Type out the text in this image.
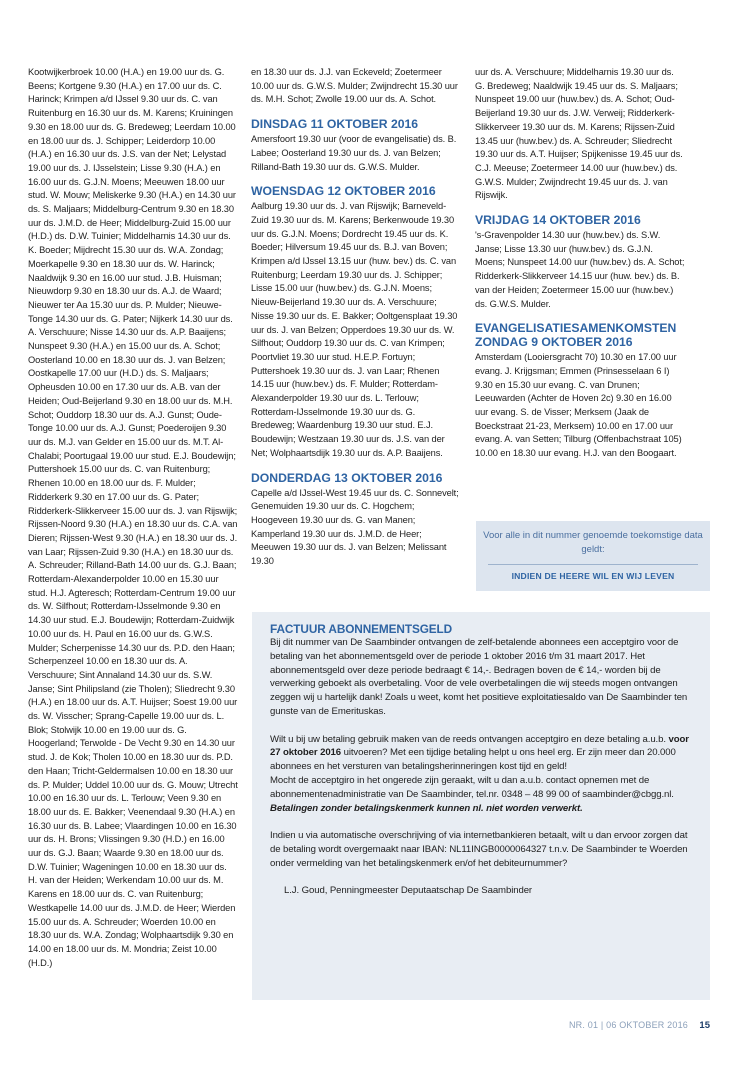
Kootwijkerbroek 10.00 (H.A.) en 19.00 uur ds. G. Beens; Kortgene 9.30 (H.A.) en 17.00 uur ds. C. Harinck; Krimpen a/d IJssel 9.30 uur ds. C. van Ruitenburg en 16.30 uur ds. M. Karens; Kruiningen 9.30 en 18.00 uur ds. G. Bredeweg; Leerdam 10.00 en 18.00 uur ds. J. Schipper; Leiderdorp 10.00 (H.A.) en 16.30 uur ds. J.S. van der Net; Lelystad 19.00 uur ds. J. IJsselstein; Lisse 9.30 (H.A.) en 16.00 uur ds. G.J.N. Moens; Meeuwen 18.00 uur stud. W. Mouw; Meliskerke 9.30 (H.A.) en 14.30 uur ds. S. Maljaars; Middelburg-Centrum 9.30 en 18.30 uur ds. J.M.D. de Heer; Middelburg-Zuid 15.00 uur (H.D.) ds. D.W. Tuinier; Middelharnis 14.30 uur ds. K. Boeder; Mijdrecht 15.30 uur ds. W.A. Zondag; Moerkapelle 9.30 en 18.30 uur ds. W. Harinck; Naaldwijk 9.30 en 16.00 uur stud. J.B. Huisman; Nieuwdorp 9.30 en 18.30 uur ds. A.J. de Waard; Nieuwer ter Aa 15.30 uur ds. P. Mulder; Nieuwe-Tonge 14.30 uur ds. G. Pater; Nijkerk 14.30 uur ds. A. Verschuure; Nisse 14.30 uur ds. A.P. Baaijens; Nunspeet 9.30 (H.A.) en 15.00 uur ds. A. Schot; Oosterland 10.00 en 18.30 uur ds. J. van Belzen; Oostkapelle 17.00 uur (H.D.) ds. S. Maljaars; Opheusden 10.00 en 17.30 uur ds. A.B. van der Heiden; Oud-Beijerland 9.30 en 18.00 uur ds. M.H. Schot; Ouddorp 18.30 uur ds. A.J. Gunst; Oude-Tonge 10.00 uur ds. A.J. Gunst; Poederoijen 9.30 uur ds. M.J. van Gelder en 15.00 uur ds. M.T. Al-Chalabi; Poortugaal 19.00 uur stud. E.J. Boudewijn; Puttershoek 15.00 uur ds. C. van Ruitenburg; Rhenen 10.00 en 18.00 uur ds. F. Mulder; Ridderkerk 9.30 en 17.00 uur ds. G. Pater; Ridderkerk-Slikkerveer 15.00 uur ds. J. van Rijswijk; Rijssen-Noord 9.30 (H.A.) en 18.30 uur ds. C.A. van Dieren; Rijssen-West 9.30 (H.A.) en 18.30 uur ds. J. van Laar; Rijssen-Zuid 9.30 (H.A.) en 18.30 uur ds. A. Schreuder; Rilland-Bath 14.00 uur ds. G.J. Baan; Rotterdam-Alexanderpolder 10.00 en 15.30 uur stud. H.J. Agteresch; Rotterdam-Centrum 19.00 uur ds. W. Silfhout; Rotterdam-IJsselmonde 9.30 en 14.30 uur stud. E.J. Boudewijn; Rotterdam-Zuidwijk 10.00 uur ds. H. Paul en 16.00 uur ds. G.W.S. Mulder; Scherpenisse 14.30 uur ds. P.D. den Haan; Scherpenzeel 10.00 en 18.30 uur ds. A. Verschuure; Sint Annaland 14.30 uur ds. S.W. Janse; Sint Philipsland (zie Tholen); Sliedrecht 9.30 (H.A.) en 18.00 uur ds. A.T. Huijser; Soest 19.00 uur ds. W. Visscher; Sprang-Capelle 19.00 uur ds. L. Blok; Stolwijk 10.00 en 19.00 uur ds. G. Hoogerland; Terwolde - De Vecht 9.30 en 14.30 uur stud. J. de Kok; Tholen 10.00 en 18.30 uur ds. P.D. den Haan; Tricht-Geldermalsen 10.00 en 18.30 uur ds. P. Mulder; Uddel 10.00 uur ds. G. Mouw; Utrecht 10.00 en 16.30 uur ds. L. Terlouw; Veen 9.30 en 18.00 uur ds. E. Bakker; Veenendaal 9.30 (H.A.) en 16.30 uur ds. B. Labee; Vlaardingen 10.00 en 16.30 uur ds. H. Brons; Vlissingen 9.30 (H.D.) en 16.00 uur ds. G.J. Baan; Waarde 9.30 en 18.00 uur ds. D.W. Tuinier; Wageningen 10.00 en 18.30 uur ds. H. van der Heiden; Werkendam 10.00 uur ds. M. Karens en 18.00 uur ds. C. van Ruitenburg; Westkapelle 14.00 uur ds. J.M.D. de Heer; Wierden 15.00 uur ds. A. Schreuder; Woerden 10.00 en 18.30 uur ds. W.A. Zondag; Wolphaartsdijk 9.30 en 14.00 en 18.00 uur ds. M. Mondria; Zeist 10.00 (H.D.)

en 18.30 uur ds. J.J. van Eckeveld; Zoetermeer 10.00 uur ds. G.W.S. Mulder; Zwijndrecht 15.30 uur ds. M.H. Schot; Zwolle 19.00 uur ds. A. Schot.

DINSDAG 11 OKTOBER 2016

Amersfoort 19.30 uur (voor de evangelisatie) ds. B. Labee; Oosterland 19.30 uur ds. J. van Belzen; Rilland-Bath 19.30 uur ds. G.W.S. Mulder.

WOENSDAG 12 OKTOBER 2016

Aalburg 19.30 uur ds. J. van Rijswijk; Barneveld-Zuid 19.30 uur ds. M. Karens; Berkenwoude 19.30 uur ds. G.J.N. Moens; Dordrecht 19.45 uur ds. K. Boeder; Hilversum 19.45 uur ds. B.J. van Boven; Krimpen a/d IJssel 13.15 uur (huw. bev.) ds. C. van Ruitenburg; Leerdam 19.30 uur ds. J. Schipper; Lisse 15.00 uur (huw.bev.) ds. G.J.N. Moens; Nieuw-Beijerland 19.30 uur ds. A. Verschuure; Nisse 19.30 uur ds. E. Bakker; Ooltgensplaat 19.30 uur ds. J. van Belzen; Opperdoes 19.30 uur ds. W. Silfhout; Ouddorp 19.30 uur ds. C. van Krimpen; Poortvliet 19.30 uur stud. H.E.P. Fortuyn; Puttershoek 19.30 uur ds. J. van Laar; Rhenen 14.15 uur (huw.bev.) ds. F. Mulder; Rotterdam-Alexanderpolder 19.30 uur ds. L. Terlouw; Rotterdam-IJsselmonde 19.30 uur ds. G. Bredeweg; Waardenburg 19.30 uur stud. E.J. Boudewijn; Westzaan 19.30 uur ds. J.S. van der Net; Wolphaartsdijk 19.30 uur ds. A.P. Baaijens.

DONDERDAG 13 OKTOBER 2016

Capelle a/d IJssel-West 19.45 uur ds. C. Sonnevelt; Genemuiden 19.30 uur ds. C. Hogchem; Hoogeveen 19.30 uur ds. G. van Manen; Kamperland 19.30 uur ds. J.M.D. de Heer; Meeuwen 19.30 uur ds. J. van Belzen; Melissant 19.30

uur ds. A. Verschuure; Middelharnis 19.30 uur ds. G. Bredeweg; Naaldwijk 19.45 uur ds. S. Maljaars; Nunspeet 19.00 uur (huw.bev.) ds. A. Schot; Oud-Beijerland 19.30 uur ds. J.W. Verweij; Ridderkerk-Slikkerveer 19.30 uur ds. M. Karens; Rijssen-Zuid 13.45 uur (huw.bev.) ds. A. Schreuder; Sliedrecht 19.30 uur ds. A.T. Huijser; Spijkenisse 19.45 uur ds. C.J. Meeuse; Zoetermeer 14.00 uur (huw.bev.) ds. G.W.S. Mulder; Zwijndrecht 19.45 uur ds. J. van Rijswijk.

VRIJDAG 14 OKTOBER 2016

's-Gravenpolder 14.30 uur (huw.bev.) ds. S.W. Janse; Lisse 13.30 uur (huw.bev.) ds. G.J.N. Moens; Nunspeet 14.00 uur (huw.bev.) ds. A. Schot; Ridderkerk-Slikkerveer 14.15 uur (huw. bev.) ds. B. van der Heiden; Zoetermeer 15.00 uur (huw.bev.) ds. G.W.S. Mulder.

EVANGELISATIESAMENKOMSTEN ZONDAG 9 OKTOBER 2016

Amsterdam (Looiersgracht 70) 10.30 en 17.00 uur evang. J. Krijgsman; Emmen (Prinsesselaan 6 I) 9.30 en 15.30 uur evang. C. van Drunen; Leeuwarden (Achter de Hoven 2c) 9.30 en 16.00 uur evang. S. de Visser; Merksem (Jaak de Boeckstraat 21-23, Merksem) 10.00 en 17.00 uur evang. A. van Setten; Tilburg (Offenbachstraat 105) 10.00 en 18.30 uur evang. H.J. van den Boogaart.

Voor alle in dit nummer genoemde toekomstige data geldt:
INDIEN DE HEERE WIL EN WIJ LEVEN
FACTUUR ABONNEMENTSGELD

Bij dit nummer van De Saambinder ontvangen de zelf-betalende abonnees een acceptgiro voor de betaling van het abonnementsgeld over de periode 1 oktober 2016 t/m 31 maart 2017. Het abonnementsgeld over deze periode bedraagt € 14,-. Bedragen boven de € 14,- worden bij de verwerking geboekt als overbetaling. Voor de vele overbetalingen die wij steeds mogen ontvangen zeggen wij u hartelijk dank! Zoals u weet, komt het positieve exploitatiesaldo van De Saambinder ten gunste van de Emerituskas.

Wilt u bij uw betaling gebruik maken van de reeds ontvangen acceptgiro en deze betaling a.u.b. voor 27 oktober 2016 uitvoeren? Met een tijdige betaling helpt u ons heel erg. Er zijn meer dan 20.000 abonnees en het versturen van betalingsherinneringen kost tijd en geld!

Mocht de acceptgiro in het ongerede zijn geraakt, wilt u dan a.u.b. contact opnemen met de abonnementenadministratie van De Saambinder, tel.nr. 0348 – 48 99 00 of saambinder@cbgg.nl. Betalingen zonder betalingskenmerk kunnen nl. niet worden verwerkt.

Indien u via automatische overschrijving of via internetbankieren betaalt, wilt u dan ervoor zorgen dat de betaling wordt overgemaakt naar IBAN: NL11INGB0000064327 t.n.v. De Saambinder te Woerden onder vermelding van het betalingskenmerk en/of het debiteurnummer?

L.J. Goud, Penningmeester Deputaatschap De Saambinder

NR. 01 | 06 OKTOBER 2016 15
